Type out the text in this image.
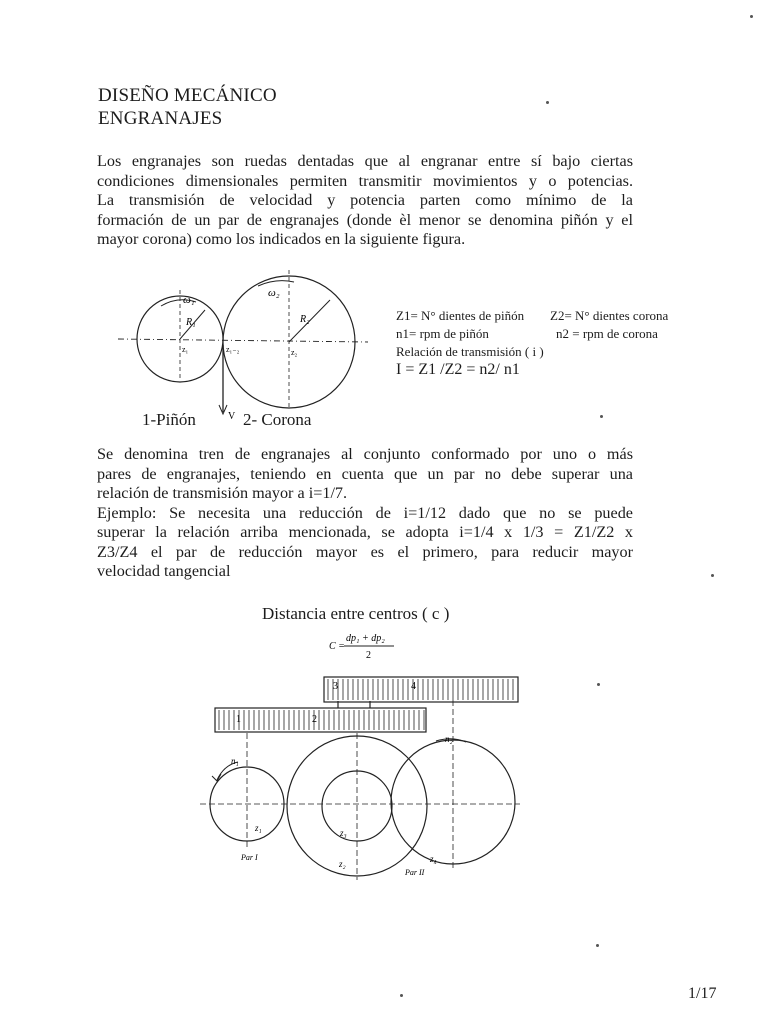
DISEÑO MECÁNICO
ENGRANAJES
Los engranajes son ruedas dentadas que al engranar entre sí bajo ciertas
condiciones dimensionales permiten transmitir movimientos y o potencias.
La transmisión de velocidad y potencia parten como mínimo de la
formación de un par de engranajes (donde èl menor se denomina piñón y el
mayor corona) como los indicados en la siguiente figura.
ω₁
ω₂
R₁	R₂
z₁	z₂
z₁₋₂
V
C =
dp₁ + dp₂
2
3	4
1	2
n₁
n₂
z₁
z₂
z₃
z₄
Par I
Par II
Z1= N° dientes de piñón Z2= N° dientes corona
n1= rpm de piñón	n2 = rpm de corona
Relación de transmisión ( i )
I = Z1 /Z2 = n2/ n1
1-Piñón	2- Corona
Se denomina tren de engranajes al conjunto conformado por uno o más
pares de engranajes, teniendo en cuenta que un par no debe superar una
relación de transmisión mayor a i=1/7.
Ejemplo: Se necesita una reducción de i=1/12 dado que no se puede
superar la relación arriba mencionada, se adopta i=1/4 x 1/3 = Z1/Z2 x
Z3/Z4 el par de reducción mayor es el primero, para reducir mayor
velocidad tangencial
Distancia entre centros ( c )
1/17
